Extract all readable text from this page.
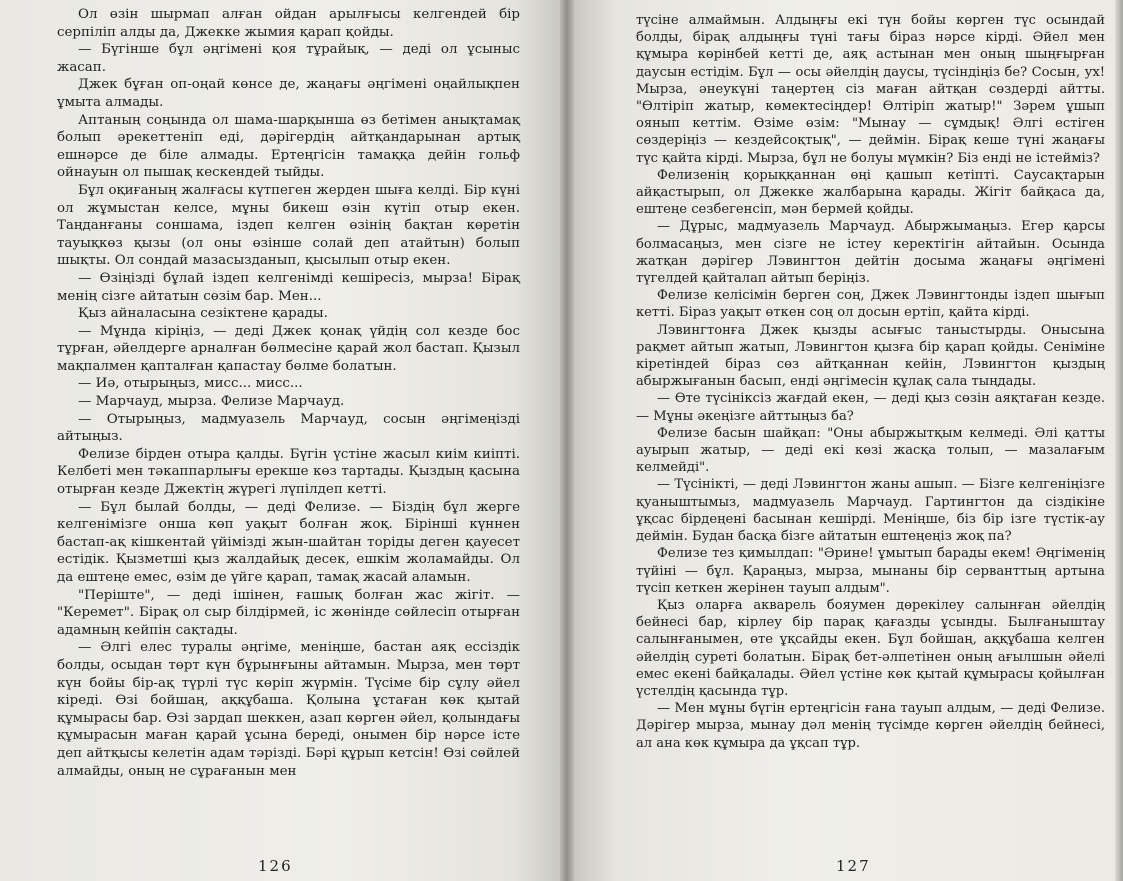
Ол өзін шырмап алған ойдан арылғысы келгендей бір серпіліп алды да, Джекке жымия қарап қойды.

— Бүгінше бұл әңгімені қоя тұрайық, — деді ол ұсыныс жасап.

Джек бұған оп-оңай көнсе де, жаңағы әңгімені оңайлықпен ұмыта алмады.

Аптаның соңында ол шама-шарқынша өз бетімен анықтамақ болып әрекеттеніп еді, дәрігердің айтқандарынан артық ешнәрсе де біле алмады. Ертеңгісін тамаққа дейін гольф ойнауын ол пышақ кескендей тыйды.

Бұл оқиғаның жалғасы күтпеген жерден шыға келді. Бір күні ол жұмыстан келсе, мұны бикеш өзін күтіп отыр екен. Таңданғаны соншама, іздеп келген өзінің бақтан көретін тауықкөз қызы (ол оны өзінше солай деп атайтын) болып шықты. Ол сондай мазасызданып, қысылып отыр екен.

— Өзіңізді бұлай іздеп келгенімді кешіресіз, мырза! Бірақ менің сізге айтатын сөзім бар. Мен...

Қыз айналасына сезіктене қарады.

— Мұнда кіріңіз, — деді Джек қонақ үйдің сол кезде бос тұрған, әйелдерге арналған бөлмесіне қарай жол бастап. Қызыл мақпалмен қапталған қапастау бөлме болатын.

— Иә, отырыңыз, мисс... мисс...

— Марчауд, мырза. Фелизе Марчауд.

— Отырыңыз, мадмуазель Марчауд, сосын әңгімеңізді айтыңыз.

Фелизе бірден отыра қалды. Бүгін үстіне жасыл киім киіпті. Келбеті мен тәкаппарлығы ерекше көз тартады. Қыздың қасына отырған кезде Джектің жүрегі лүпілдеп кетті.

— Бұл былай болды, — деді Фелизе. — Біздің бұл жерге келгенімізге онша көп уақыт болған жоқ. Бірінші күннен бастап-ақ кішкентай үйімізді жын-шайтан торіды деген қауесет естідік. Қызметші қыз жалдайық десек, ешкім жоламайды. Ол да ештеңе емес, өзім де үйге қарап, тамақ жасай аламын.

"Періште", — деді ішінен, ғашық болған жас жігіт. — "Керемет". Бірақ ол сыр білдірмей, іс жөнінде сөйлесіп отырған адамның кейпін сақтады.

— Әлгі елес туралы әңгіме, меніңше, бастан аяқ ессіздік болды, осыдан төрт күн бұрынғыны айтамын. Мырза, мен төрт күн бойы бір-ақ түрлі түс көріп жүрмін. Түсіме бір сұлу әйел кіреді. Өзі бойшаң, аққұбаша. Қолына ұстаған көк қытай құмырасы бар. Өзі зардап шеккен, азап көрген әйел, қолындағы құмырасын маған қарай ұсына береді, онымен бір нәрсе істе деп айтқысы келетін адам тәрізді. Бәрі құрып кетсін! Өзі сөйлей алмайды, оның не сұрағанын мен

126

түсіне алмаймын. Алдыңғы екі түн бойы көрген түс осындай болды, бірақ алдыңғы түні тағы біраз нәрсе кірді. Әйел мен құмыра көрінбей кетті де, аяқ астынан мен оның шыңғырған даусын естідім. Бұл — осы әйелдің даусы, түсіндіңіз бе? Сосын, ух! Мырза, әнеукүні таңертең сіз маған айтқан сөздерді айтты. "Өлтіріп жатыр, көмектесіңдер! Өлтіріп жатыр!" Зәрем ұшып оянып кеттім. Өзіме өзім: "Мынау — сұмдық! Әлгі естіген сөздеріңіз — кездейсоқтық", — деймін. Бірақ кеше түні жаңағы түс қайта кірді. Мырза, бұл не болуы мүмкін? Біз енді не істейміз?

Фелизенің қорыққаннан өңі қашып кетіпті. Саусақтарын айқастырып, ол Джекке жалбарына қарады. Жігіт байқаса да, ештеңе сезбегенсіп, мән бермей қойды.

— Дұрыс, мадмуазель Марчауд. Абыржымаңыз. Егер қарсы болмасаңыз, мен сізге не істеу керектігін айтайын. Осында жатқан дәрігер Лэвингтон дейтін досыма жаңағы әңгімені түгелдей қайталап айтып беріңіз.

Фелизе келісімін берген соң, Джек Лэвингтонды іздеп шығып кетті. Біраз уақыт өткен соң ол досын ертіп, қайта кірді.

Лэвингтонға Джек қызды асығыс таныстырды. Онысына рақмет айтып жатып, Лэвингтон қызға бір қарап қойды. Сеніміне кіретіндей біраз сөз айтқаннан кейін, Лэвингтон қыздың абыржығанын басып, енді әңгімесін құлақ сала тыңдады.

— Өте түсініксіз жағдай екен, — деді қыз сөзін аяқтаған кезде. — Мұны әкеңізге айттыңыз ба?

Фелизе басын шайқап: "Оны абыржытқым келмеді. Әлі қатты ауырып жатыр, — деді екі көзі жасқа толып, — мазалағым келмейді".

— Түсінікті, — деді Лэвингтон жаны ашып. — Бізге келгеніңізге қуаныштымыз, мадмуазель Марчауд. Гартингтон да сіздікіне ұқсас бірдеңені басынан кешірді. Меніңше, біз бір ізге түстік-ау деймін. Будан басқа бізге айтатын ештеңеңіз жоқ па?

Фелизе тез қимылдап: "Әрине! ұмытып барады екем! Әңгіменің түйіні — бұл. Қараңыз, мырза, мынаны бір серванттың артына түсіп кеткен жерінен тауып алдым".

Қыз оларға акварель бояумен дөрекілеу салынған әйелдің бейнесі бар, кірлеу бір парақ қағазды ұсынды. Былғаныштау салынғанымен, өте ұқсайды екен. Бұл бойшаң, аққұбаша келген әйелдің суреті болатын. Бірақ бет-әлпетінен оның ағылшын әйелі емес екені байқалады. Әйел үстіне көк қытай құмырасы қойылған үстелдің қасында тұр.

— Мен мұны бүгін ертеңгісін ғана тауып алдым, — деді Фелизе. Дәрігер мырза, мынау дәл менің түсімде көрген әйелдің бейнесі, ал ана көк құмыра да ұқсап тұр.

127
